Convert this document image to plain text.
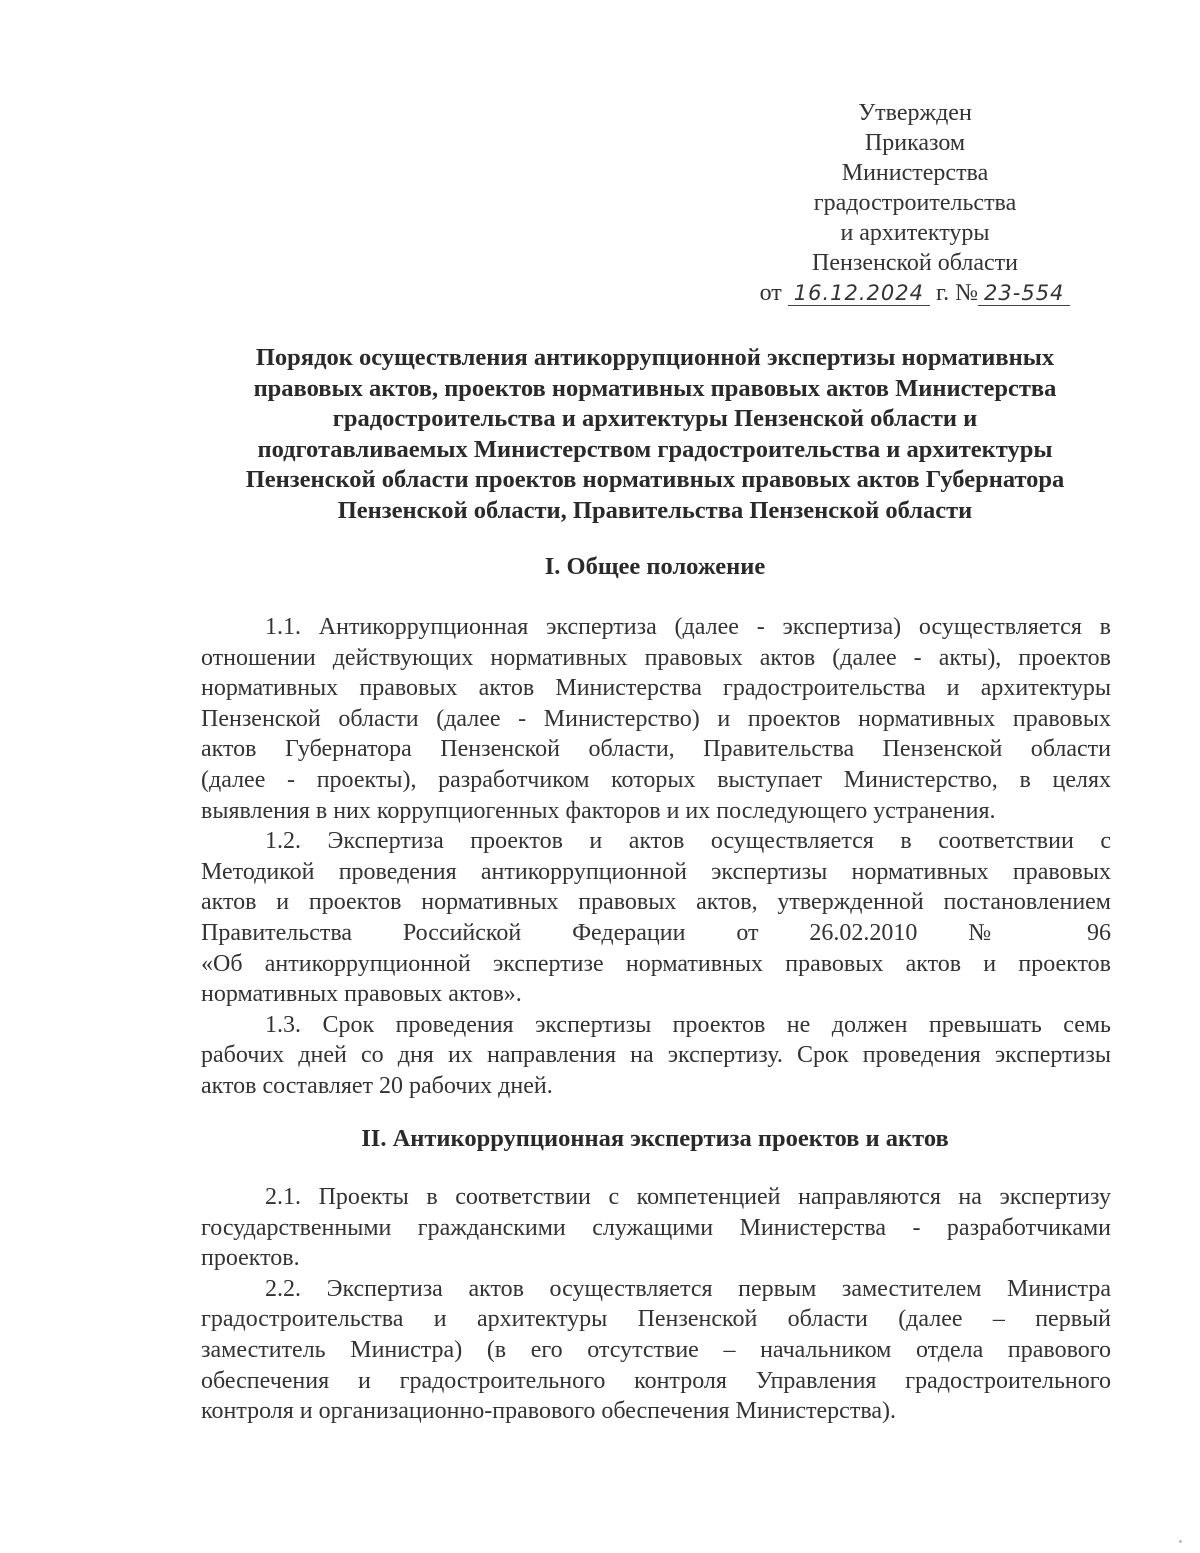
Утвержден
Приказом
Министерства
градостроительства
и архитектуры
Пензенской области
от 16.12.2024 г. № 23-554
Порядок осуществления антикоррупционной экспертизы нормативных
правовых актов, проектов нормативных правовых актов Министерства
градостроительства и архитектуры Пензенской области и
подготавливаемых Министерством градостроительства и архитектуры
Пензенской области проектов нормативных правовых актов Губернатора
Пензенской области, Правительства Пензенской области
I. Общее положение
1.1. Антикоррупционная экспертиза (далее - экспертиза) осуществляется в
отношении действующих нормативных правовых актов (далее - акты), проектов
нормативных правовых актов Министерства градостроительства и архитектуры
Пензенской области (далее - Министерство) и проектов нормативных правовых
актов Губернатора Пензенской области, Правительства Пензенской области
(далее - проекты), разработчиком которых выступает Министерство, в целях
выявления в них коррупциогенных факторов и их последующего устранения.
1.2. Экспертиза проектов и актов осуществляется в соответствии с
Методикой проведения антикоррупционной экспертизы нормативных правовых
актов и проектов нормативных правовых актов, утвержденной постановлением
Правительства Российской Федерации от 26.02.2010 № 96
«Об антикоррупционной экспертизе нормативных правовых актов и проектов
нормативных правовых актов».
1.3. Срок проведения экспертизы проектов не должен превышать семь
рабочих дней со дня их направления на экспертизу. Срок проведения экспертизы
актов составляет 20 рабочих дней.
II. Антикоррупционная экспертиза проектов и актов
2.1. Проекты в соответствии с компетенцией направляются на экспертизу
государственными гражданскими служащими Министерства - разработчиками
проектов.
2.2. Экспертиза актов осуществляется первым заместителем Министра
градостроительства и архитектуры Пензенской области (далее – первый
заместитель Министра) (в его отсутствие – начальником отдела правового
обеспечения и градостроительного контроля Управления градостроительного
контроля и организационно-правового обеспечения Министерства).
